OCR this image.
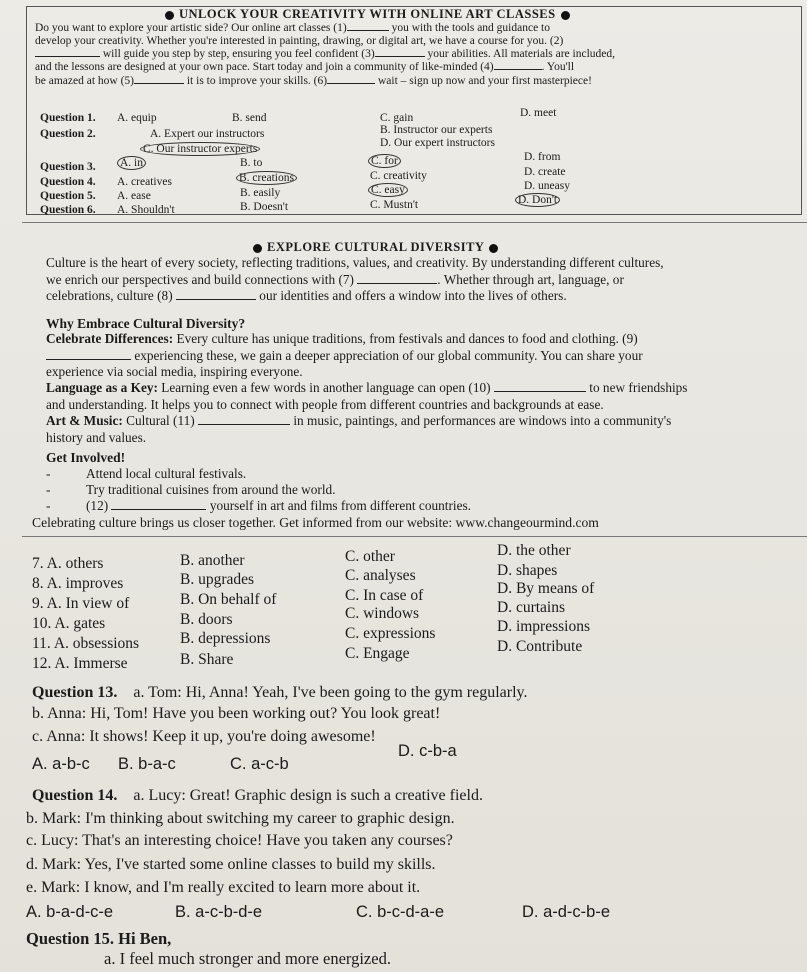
UNLOCK YOUR CREATIVITY WITH ONLINE ART CLASSES
Do you want to explore your artistic side? Our online art classes (1)	you with the tools and guidance to
develop your creativity. Whether you're interested in painting, drawing, or digital art, we have a course for you. (2)
will guide you step by step, ensuring you feel confident (3)	your abilities. All materials are included,
and the lessons are designed at your own pace. Start today and join a community of like-minded (4)	. You'll
be amazed at how (5)	it is to improve your skills. (6)	wait – sign up now and your first masterpiece!
Question 1. A. equip	B. send	C. gain	D. meet
Question 2.	A. Expert our instructors	B. Instructor our experts
C. Our instructor experts	D. Our expert instructors
Question 3. A. in	B. to	C. for	D. from
Question 4. A. creatives	B. creations	C. creativity	D. create
Question 5. A. ease	B. easily	C. easy	D. uneasy
Question 6. A. Shouldn't	B. Doesn't	C. Mustn't	D. Don't
EXPLORE CULTURAL DIVERSITY
Culture is the heart of every society, reflecting traditions, values, and creativity. By understanding different cultures,
we enrich our perspectives and build connections with (7)	. Whether through art, language, or
celebrations, culture (8)	our identities and offers a window into the lives of others.
Why Embrace Cultural Diversity?
Celebrate Differences: Every culture has unique traditions, from festivals and dances to food and clothing. (9)
experiencing these, we gain a deeper appreciation of our global community. You can share your
experience via social media, inspiring everyone.
Language as a Key: Learning even a few words in another language can open (10)	to new friendships
and understanding. It helps you to connect with people from different countries and backgrounds at ease.
Art & Music: Cultural (11)	in music, paintings, and performances are windows into a community's
history and values.
Get Involved!
-	Attend local cultural festivals.
-	Try traditional cuisines from around the world.
-	(12)	yourself in art and films from different countries.
Celebrating culture brings us closer together. Get informed from our website: www.changeourmind.com
7. A. others	B. another	C. other	D. the other
8. A. improves	B. upgrades	C. analyses	D. shapes
9. A. In view of	B. On behalf of	C. In case of	D. By means of
10. A. gates	B. doors	C. windows	D. curtains
11. A. obsessions	B. depressions	C. expressions	D. impressions
12. A. Immerse	B. Share	C. Engage	D. Contribute
Question 13. a. Tom: Hi, Anna! Yeah, I've been going to the gym regularly.
b. Anna: Hi, Tom! Have you been working out? You look great!
c. Anna: It shows! Keep it up, you're doing awesome!
A. a-b-c B. b-a-c	C. a-c-b
D. c-b-a
Question 14. a. Lucy: Great! Graphic design is such a creative field.
b. Mark: I'm thinking about switching my career to graphic design.
c. Lucy: That's an interesting choice! Have you taken any courses?
d. Mark: Yes, I've started some online classes to build my skills.
e. Mark: I know, and I'm really excited to learn more about it.
A. b-a-d-c-e	B. a-c-b-d-e	C. b-c-d-a-e	D. a-d-c-b-e
Question 15. Hi Ben,
a. I feel much stronger and more energized.
